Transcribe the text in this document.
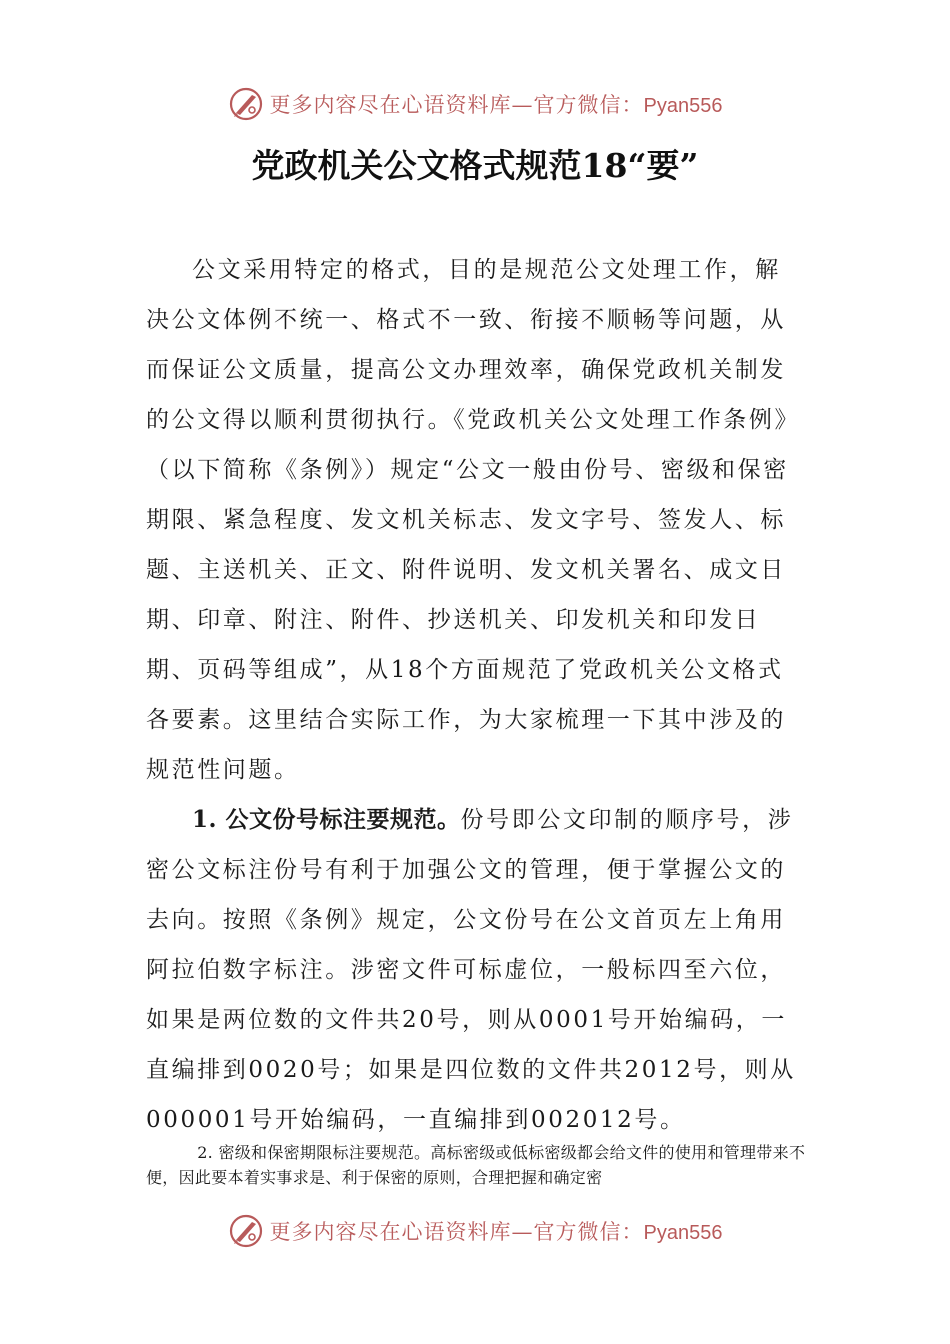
更多内容尽在心语资料库—官方微信：Pyan556
党政机关公文格式规范18“要”

公文采用特定的格式，目的是规范公文处理工作，解决公文体例不统一、格式不一致、衔接不顺畅等问题，从而保证公文质量，提高公文办理效率，确保党政机关制发的公文得以顺利贯彻执行。《党政机关公文处理工作条例》（以下简称《条例》）规定“公文一般由份号、密级和保密期限、紧急程度、发文机关标志、发文字号、签发人、标题、主送机关、正文、附件说明、发文机关署名、成文日期、印章、附注、附件、抄送机关、印发机关和印发日期、页码等组成”，从18个方面规范了党政机关公文格式各要素。这里结合实际工作，为大家梳理一下其中涉及的规范性问题。

1. 公文份号标注要规范。份号即公文印制的顺序号，涉密公文标注份号有利于加强公文的管理，便于掌握公文的去向。按照《条例》规定，公文份号在公文首页左上角用阿拉伯数字标注。涉密文件可标虚位，一般标四至六位，如果是两位数的文件共20号，则从0001号开始编码，一直编排到0020号；如果是四位数的文件共2012号，则从000001号开始编码，一直编排到002012号。

2. 密级和保密期限标注要规范。高标密级或低标密级都会给文件的使用和管理带来不便，因此要本着实事求是、利于保密的原则，合理把握和确定密

更多内容尽在心语资料库—官方微信：Pyan556
